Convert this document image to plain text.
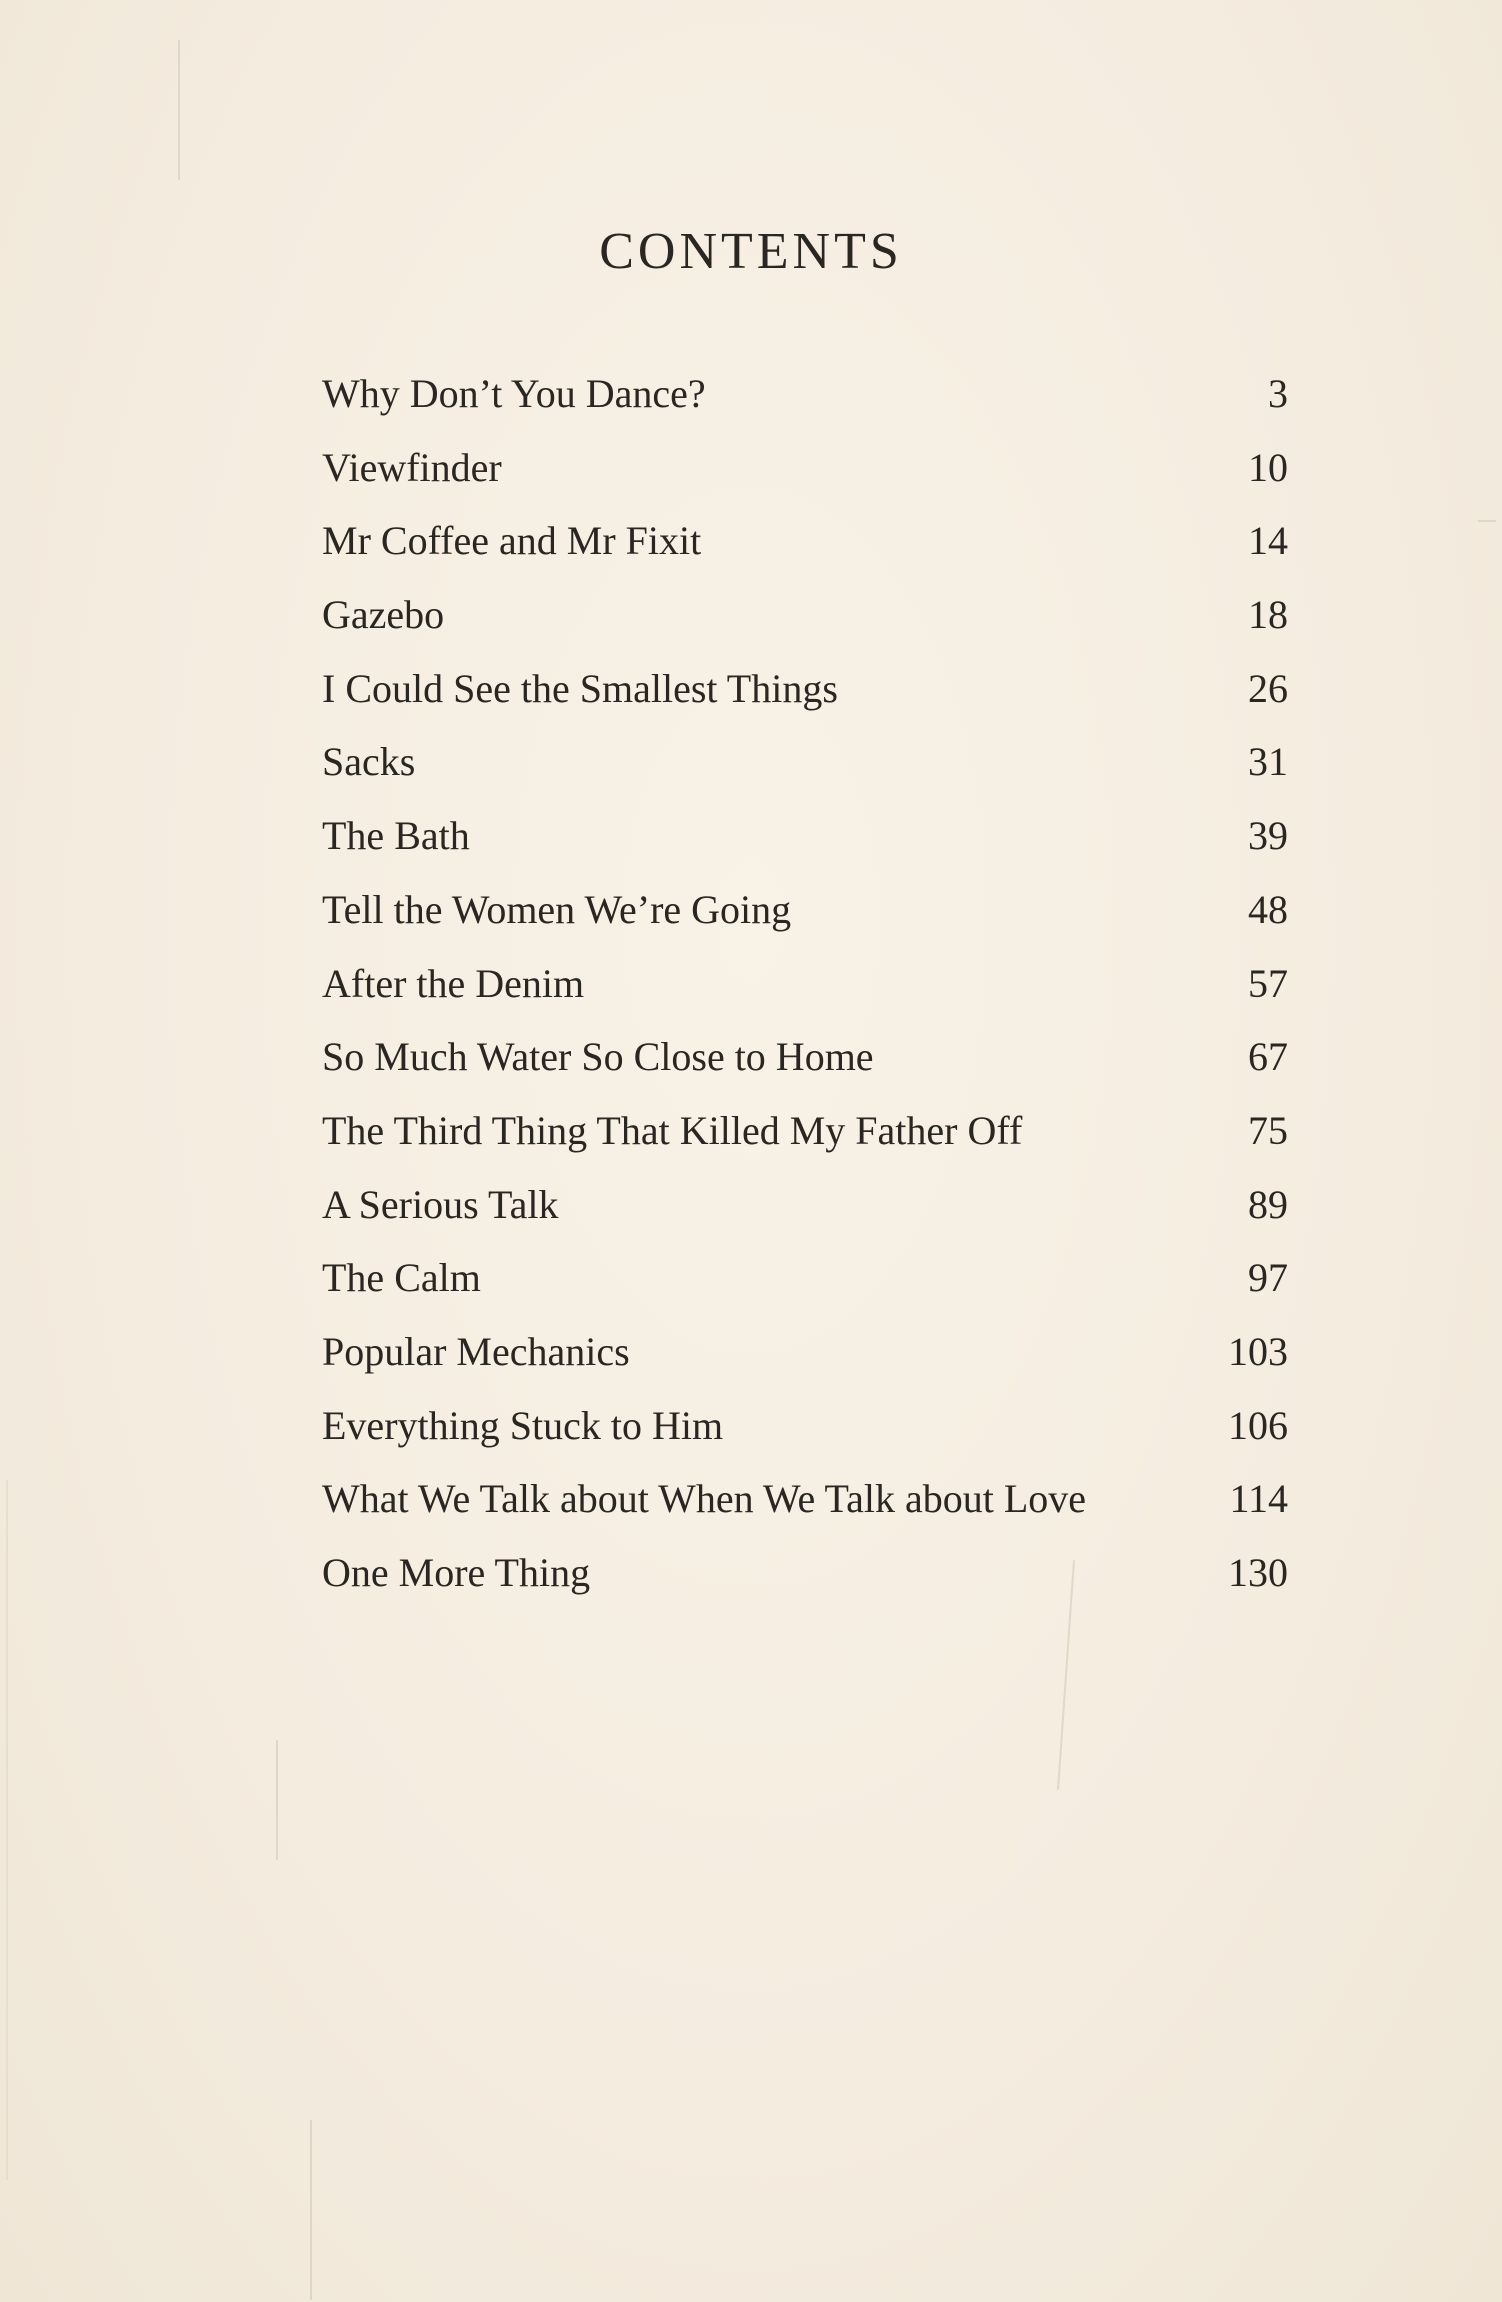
CONTENTS
Why Don’t You Dance?	3
Viewfinder	10
Mr Coffee and Mr Fixit	14
Gazebo	18
I Could See the Smallest Things	26
Sacks	31
The Bath	39
Tell the Women We’re Going	48
After the Denim	57
So Much Water So Close to Home	67
The Third Thing That Killed My Father Off	75
A Serious Talk	89
The Calm	97
Popular Mechanics	103
Everything Stuck to Him	106
What We Talk about When We Talk about Love	114
One More Thing	130
